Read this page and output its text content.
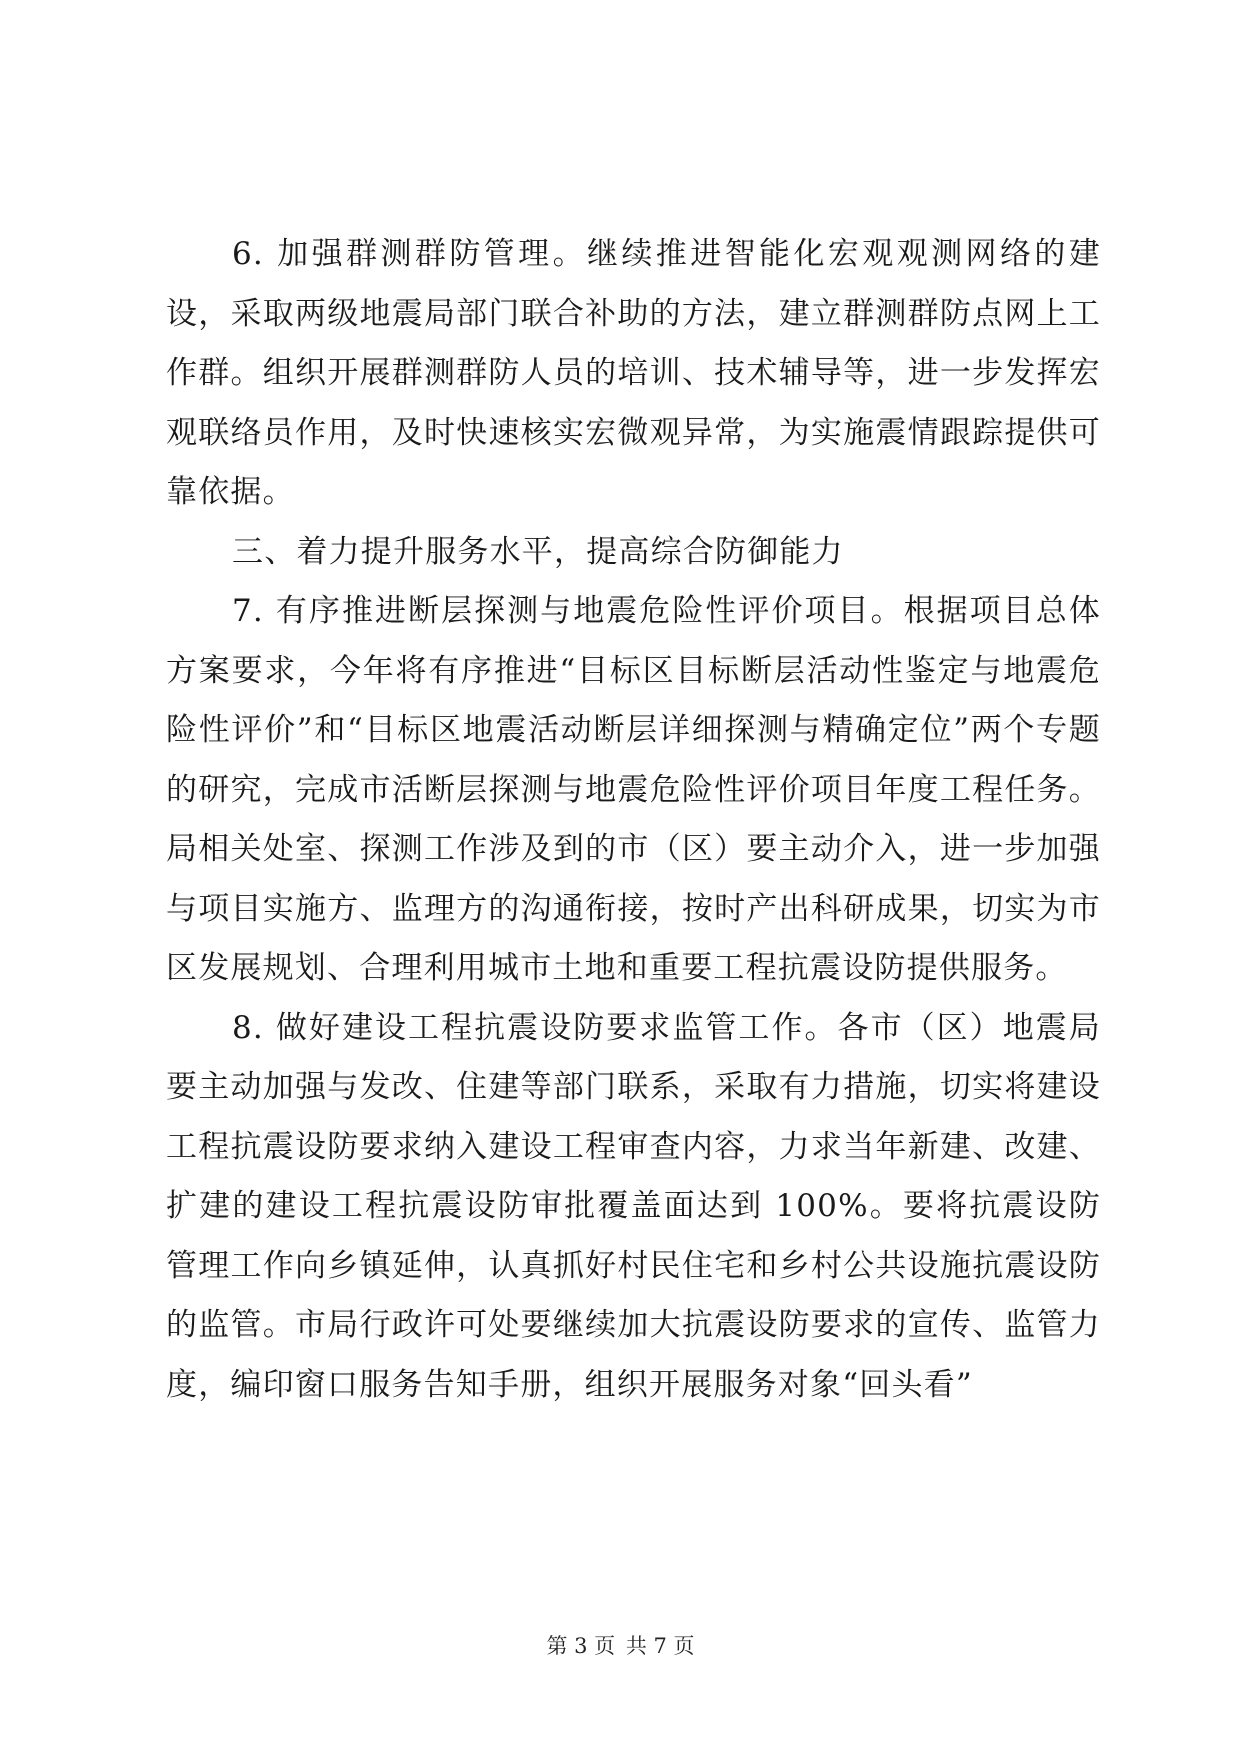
6. 加强群测群防管理。继续推进智能化宏观观测网络的建设，采取两级地震局部门联合补助的方法，建立群测群防点网上工作群。组织开展群测群防人员的培训、技术辅导等，进一步发挥宏观联络员作用，及时快速核实宏微观异常，为实施震情跟踪提供可靠依据。

三、着力提升服务水平，提高综合防御能力

7. 有序推进断层探测与地震危险性评价项目。根据项目总体方案要求，今年将有序推进“目标区目标断层活动性鉴定与地震危险性评价”和“目标区地震活动断层详细探测与精确定位”两个专题的研究，完成市活断层探测与地震危险性评价项目年度工程任务。局相关处室、探测工作涉及到的市（区）要主动介入，进一步加强与项目实施方、监理方的沟通衔接，按时产出科研成果，切实为市区发展规划、合理利用城市土地和重要工程抗震设防提供服务。

8. 做好建设工程抗震设防要求监管工作。各市（区）地震局要主动加强与发改、住建等部门联系，采取有力措施，切实将建设工程抗震设防要求纳入建设工程审查内容，力求当年新建、改建、扩建的建设工程抗震设防审批覆盖面达到 100%。要将抗震设防管理工作向乡镇延伸，认真抓好村民住宅和乡村公共设施抗震设防的监管。市局行政许可处要继续加大抗震设防要求的宣传、监管力度，编印窗口服务告知手册，组织开展服务对象“回头看”

第 3 页 共 7 页
